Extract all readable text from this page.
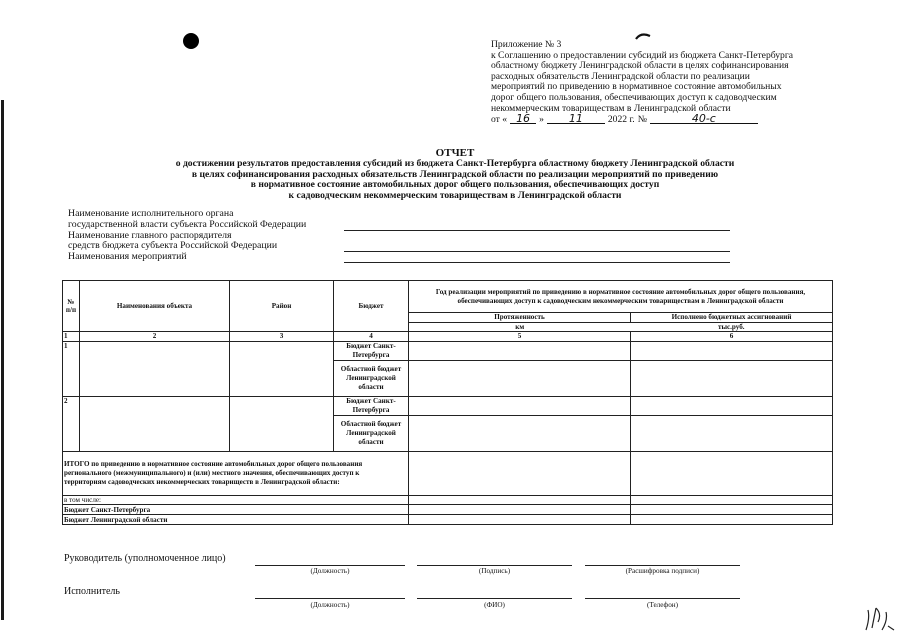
Приложение № 3
к Соглашению о предоставлении субсидий из бюджета Санкт-Петербурга
областному бюджету Ленинградской области в целях софинансирования
расходных обязательств Ленинградской области по реализации
мероприятий по приведению в нормативное состояние автомобильных
дорог общего пользования, обеспечивающих доступ к садоводческим
некоммерческим товариществам в Ленинградской области
от « 16 »	11	2022 г. №	40-с
ОТЧЕТ
о достижении результатов предоставления субсидий из бюджета Санкт-Петербурга областному бюджету Ленинградской области
в целях софинансирования расходных обязательств Ленинградской области по реализации мероприятий по приведению
в нормативное состояние автомобильных дорог общего пользования, обеспечивающих доступ
к садоводческим некоммерческим товариществам в Ленинградской области
Наименование исполнительного органа
государственной власти субъекта Российской Федерации
Наименование главного распорядителя
средств бюджета субъекта Российской Федерации
Наименования мероприятий
№ п/п	Наименования объекта	Район	Бюджет	Год реализации мероприятий по приведению в нормативное состояние автомобильных дорог общего пользования, обеспечивающих доступ к садоводческим некоммерческим товариществам в Ленинградской области	
				Протяженность	Исполнено бюджетных ассигнований
				км	тыс.руб.
1	2	3	4	5	6
1			Бюджет Санкт-Петербурга		
			Областной бюджет Ленинградской области		
2			Бюджет Санкт-Петербурга		
			Областной бюджет Ленинградской области		
ИТОГО по приведению в нормативное состояние автомобильных дорог общего пользования регионального (межмуниципального) и (или) местного значения, обеспечивающих доступ к территориям садоводческих некоммерческих товариществ в Ленинградской области:					
в том числе:					
Бюджет Санкт-Петербурга					
Бюджет Ленинградской области					
Руководитель (уполномоченное лицо)
(Должность)	(Подпись)	(Расшифровка подписи)
Исполнитель
(Должность)	(ФИО)	(Телефон)
